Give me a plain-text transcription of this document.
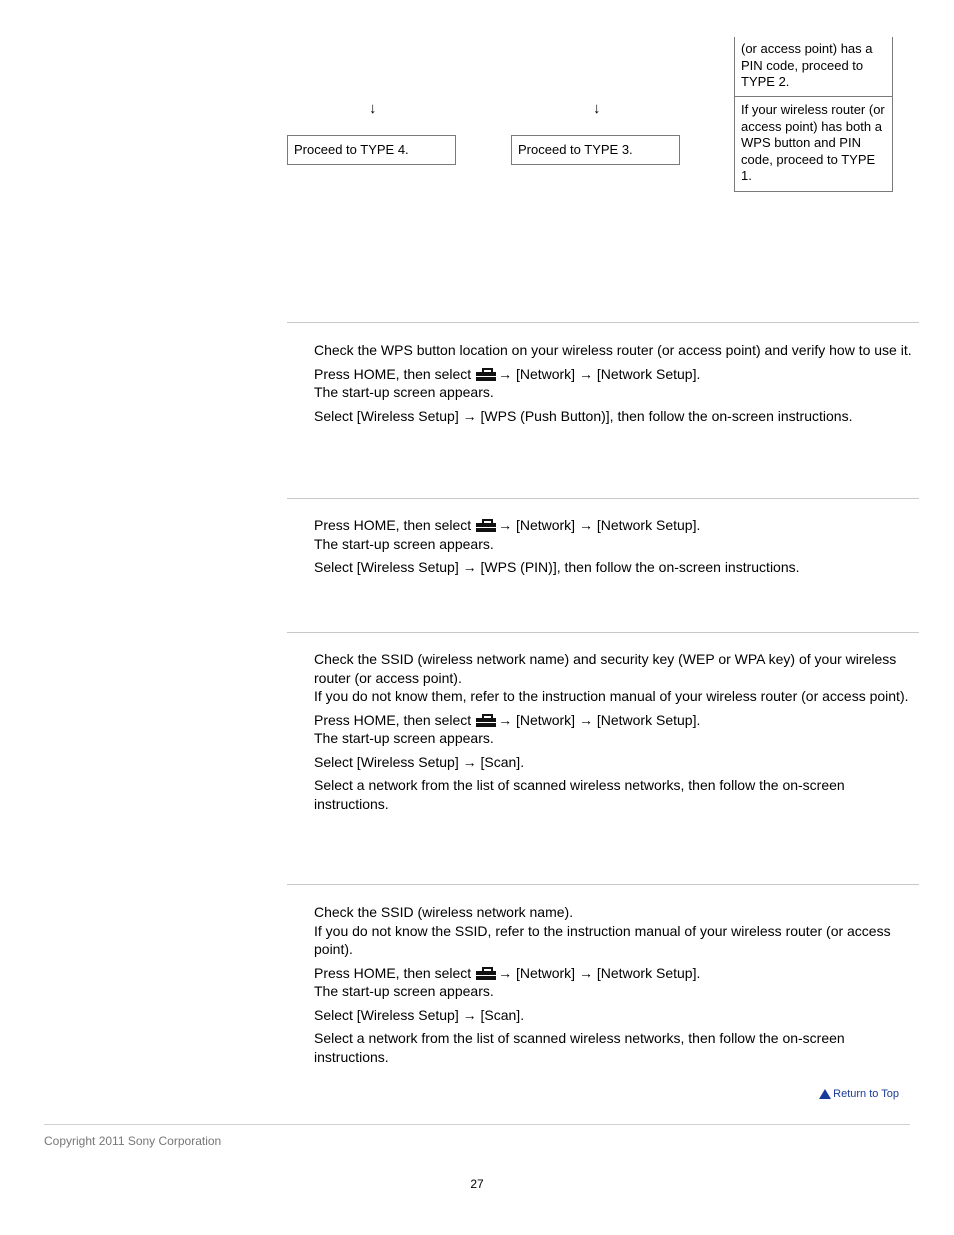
(or access point) has a PIN code, proceed to TYPE 2.
If your wireless router (or access point) has both a WPS button and PIN code, proceed to TYPE 1.
↓	↓
Proceed to TYPE 4.	Proceed to TYPE 3.

Check the WPS button location on your wireless router (or access point) and verify how to use it.

Press HOME, then select → [Network] → [Network Setup].

The start-up screen appears.

Select [Wireless Setup] → [WPS (Push Button)], then follow the on-screen instructions.

Press HOME, then select → [Network] → [Network Setup].

The start-up screen appears.

Select [Wireless Setup] → [WPS (PIN)], then follow the on-screen instructions.

Check the SSID (wireless network name) and security key (WEP or WPA key) of your wireless router (or access point).

If you do not know them, refer to the instruction manual of your wireless router (or access point).

Press HOME, then select → [Network] → [Network Setup].

The start-up screen appears.

Select [Wireless Setup] → [Scan].

Select a network from the list of scanned wireless networks, then follow the on-screen instructions.

Check the SSID (wireless network name).

If you do not know the SSID, refer to the instruction manual of your wireless router (or access point).

Press HOME, then select → [Network] → [Network Setup].

The start-up screen appears.

Select [Wireless Setup] → [Scan].

Select a network from the list of scanned wireless networks, then follow the on-screen instructions.

Return to Top
Copyright 2011 Sony Corporation
27
